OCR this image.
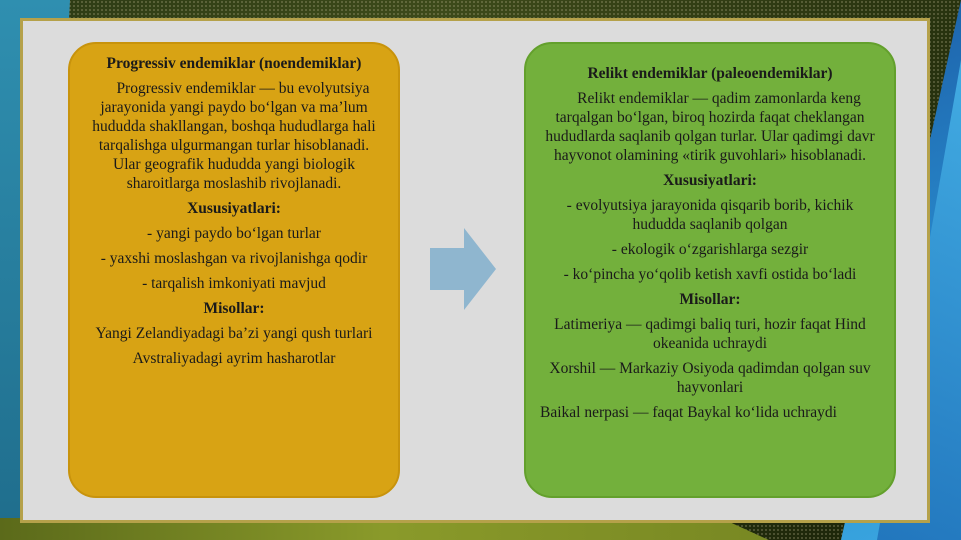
Progressiv endemiklar (noendemiklar)

Progressiv endemiklar — bu evolyutsiya jarayonida yangi paydo bo‘lgan va ma’lum hududda shakllangan, boshqa hududlarga hali tarqalishga ulgurmangan turlar hisoblanadi. Ular geografik hududda yangi biologik sharoitlarga moslashib rivojlanadi.

Xususiyatlari:

- yangi paydo bo‘lgan turlar

- yaxshi moslashgan va rivojlanishga qodir

- tarqalish imkoniyati mavjud

Misollar:

Yangi Zelandiyadagi ba’zi yangi qush turlari

Avstraliyadagi ayrim hasharotlar

Relikt endemiklar (paleoendemiklar)

Relikt endemiklar — qadim zamonlarda keng tarqalgan bo‘lgan, biroq hozirda faqat cheklangan hududlarda saqlanib qolgan turlar. Ular qadimgi davr hayvonot olamining «tirik guvohlari» hisoblanadi.

Xususiyatlari:

- evolyutsiya jarayonida qisqarib borib, kichik hududda saqlanib qolgan

- ekologik o‘zgarishlarga sezgir

- ko‘pincha yo‘qolib ketish xavfi ostida bo‘ladi

Misollar:

Latimeriya — qadimgi baliq turi, hozir faqat Hind okeanida uchraydi

Xorshil — Markaziy Osiyoda qadimdan qolgan suv hayvonlari

Baikal nerpasi — faqat Baykal ko‘lida uchraydi
